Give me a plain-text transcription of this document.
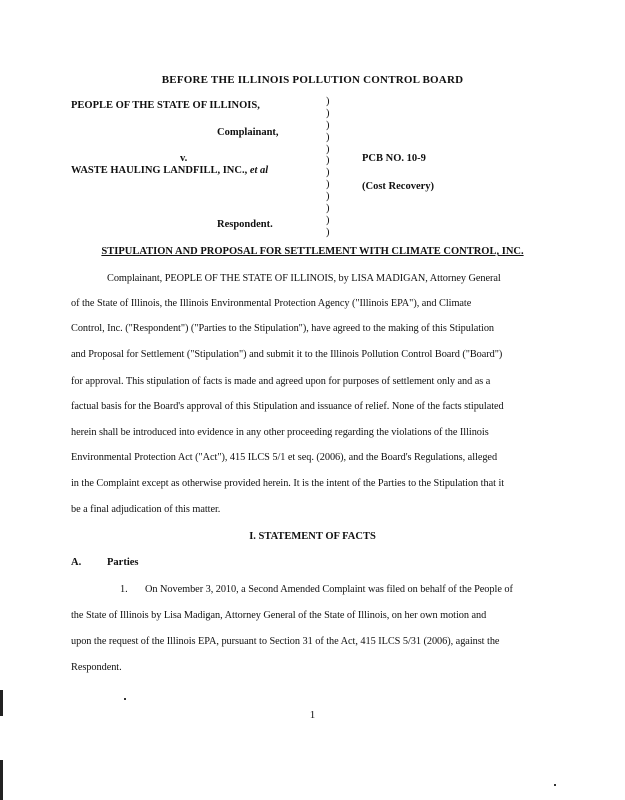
BEFORE THE ILLINOIS POLLUTION CONTROL BOARD
PEOPLE OF THE STATE OF ILLINOIS,
Complainant,
v.
WASTE HAULING LANDFILL, INC., et al
Respondent.
)
)
)
)
)
)
)
)
)
)
)
)
PCB NO. 10-9
(Cost Recovery)
STIPULATION AND PROPOSAL FOR SETTLEMENT WITH CLIMATE CONTROL, INC.
Complainant, PEOPLE OF THE STATE OF ILLINOIS, by LISA MADIGAN, Attorney General
of the State of Illinois, the Illinois Environmental Protection Agency ("Illinois EPA"), and Climate
Control, Inc. ("Respondent") ("Parties to the Stipulation"), have agreed to the making of this Stipulation
and Proposal for Settlement ("Stipulation") and submit it to the Illinois Pollution Control Board ("Board")
for approval. This stipulation of facts is made and agreed upon for purposes of settlement only and as a
factual basis for the Board's approval of this Stipulation and issuance of relief. None of the facts stipulated
herein shall be introduced into evidence in any other proceeding regarding the violations of the Illinois
Environmental Protection Act ("Act"), 415 ILCS 5/1 et seq. (2006), and the Board's Regulations, alleged
in the Complaint except as otherwise provided herein. It is the intent of the Parties to the Stipulation that it
be a final adjudication of this matter.
I. STATEMENT OF FACTS
A. Parties
1. On November 3, 2010, a Second Amended Complaint was filed on behalf of the People of
the State of Illinois by Lisa Madigan, Attorney General of the State of Illinois, on her own motion and
upon the request of the Illinois EPA, pursuant to Section 31 of the Act, 415 ILCS 5/31 (2006), against the
Respondent.
1
